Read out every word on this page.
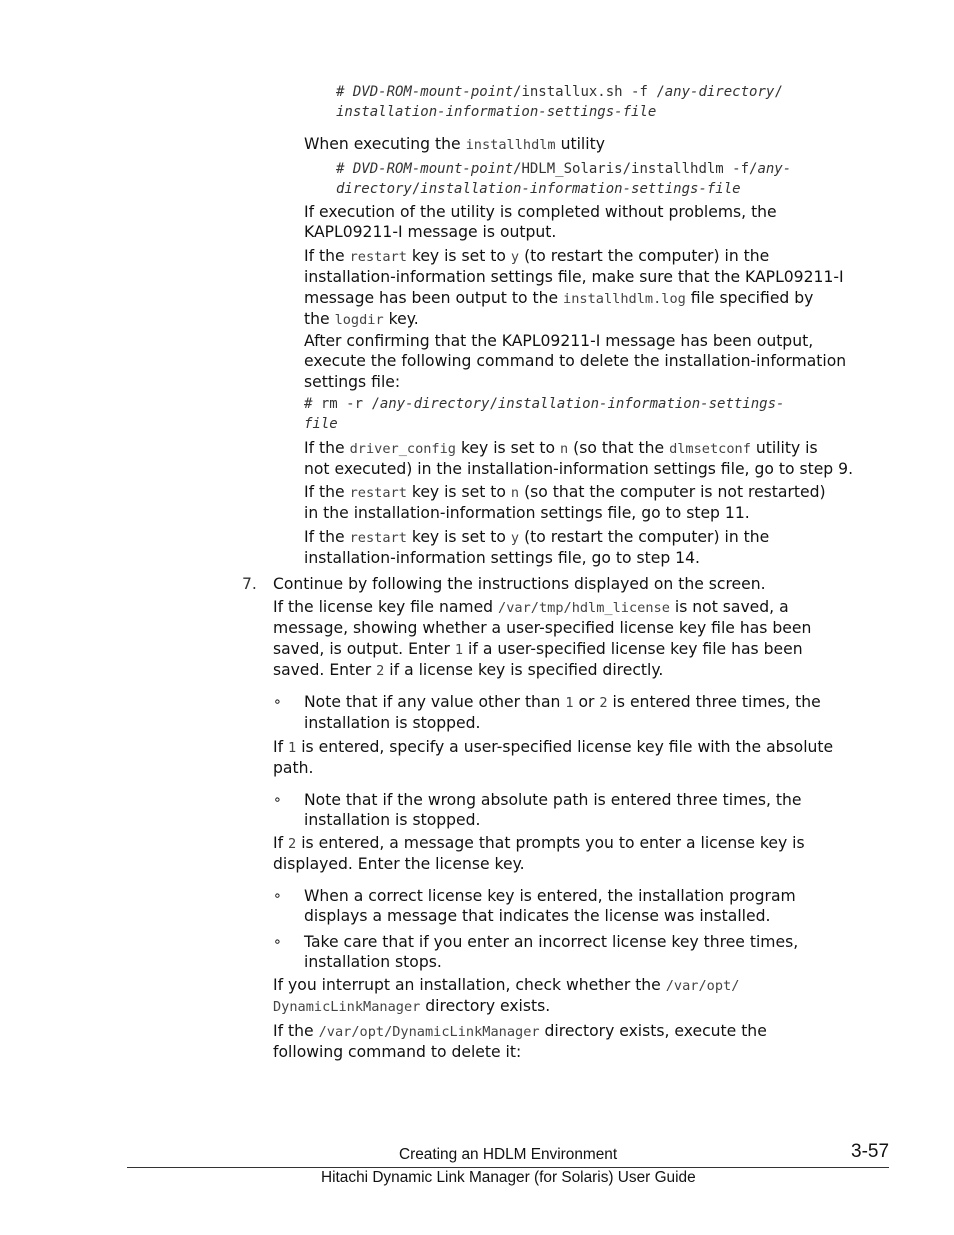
# DVD-ROM-mount-point/installux.sh -f /any-directory/
installation-information-settings-file
When executing the installhdlm utility
# DVD-ROM-mount-point/HDLM_Solaris/installhdlm -f/any-
directory/installation-information-settings-file
If execution of the utility is completed without problems, the
KAPL09211-I message is output.
If the restart key is set to y (to restart the computer) in the
installation-information settings file, make sure that the KAPL09211-I
message has been output to the installhdlm.log file specified by
the logdir key.
After confirming that the KAPL09211-I message has been output,
execute the following command to delete the installation-information
settings file:
# rm -r /any-directory/installation-information-settings-
file
If the driver_config key is set to n (so that the dlmsetconf utility is
not executed) in the installation-information settings file, go to step 9.
If the restart key is set to n (so that the computer is not restarted)
in the installation-information settings file, go to step 11.
If the restart key is set to y (to restart the computer) in the
installation-information settings file, go to step 14.
7. Continue by following the instructions displayed on the screen.
If the license key file named /var/tmp/hdlm_license is not saved, a
message, showing whether a user-specified license key file has been
saved, is output. Enter 1 if a user-specified license key file has been
saved. Enter 2 if a license key is specified directly.
∘ Note that if any value other than 1 or 2 is entered three times, the
installation is stopped.
If 1 is entered, specify a user-specified license key file with the absolute
path.
∘ Note that if the wrong absolute path is entered three times, the
installation is stopped.
If 2 is entered, a message that prompts you to enter a license key is
displayed. Enter the license key.
∘ When a correct license key is entered, the installation program
displays a message that indicates the license was installed.
∘ Take care that if you enter an incorrect license key three times,
installation stops.
If you interrupt an installation, check whether the /var/opt/
DynamicLinkManager directory exists.
If the /var/opt/DynamicLinkManager directory exists, execute the
following command to delete it:
Creating an HDLM Environment	3-57
Hitachi Dynamic Link Manager (for Solaris) User Guide
